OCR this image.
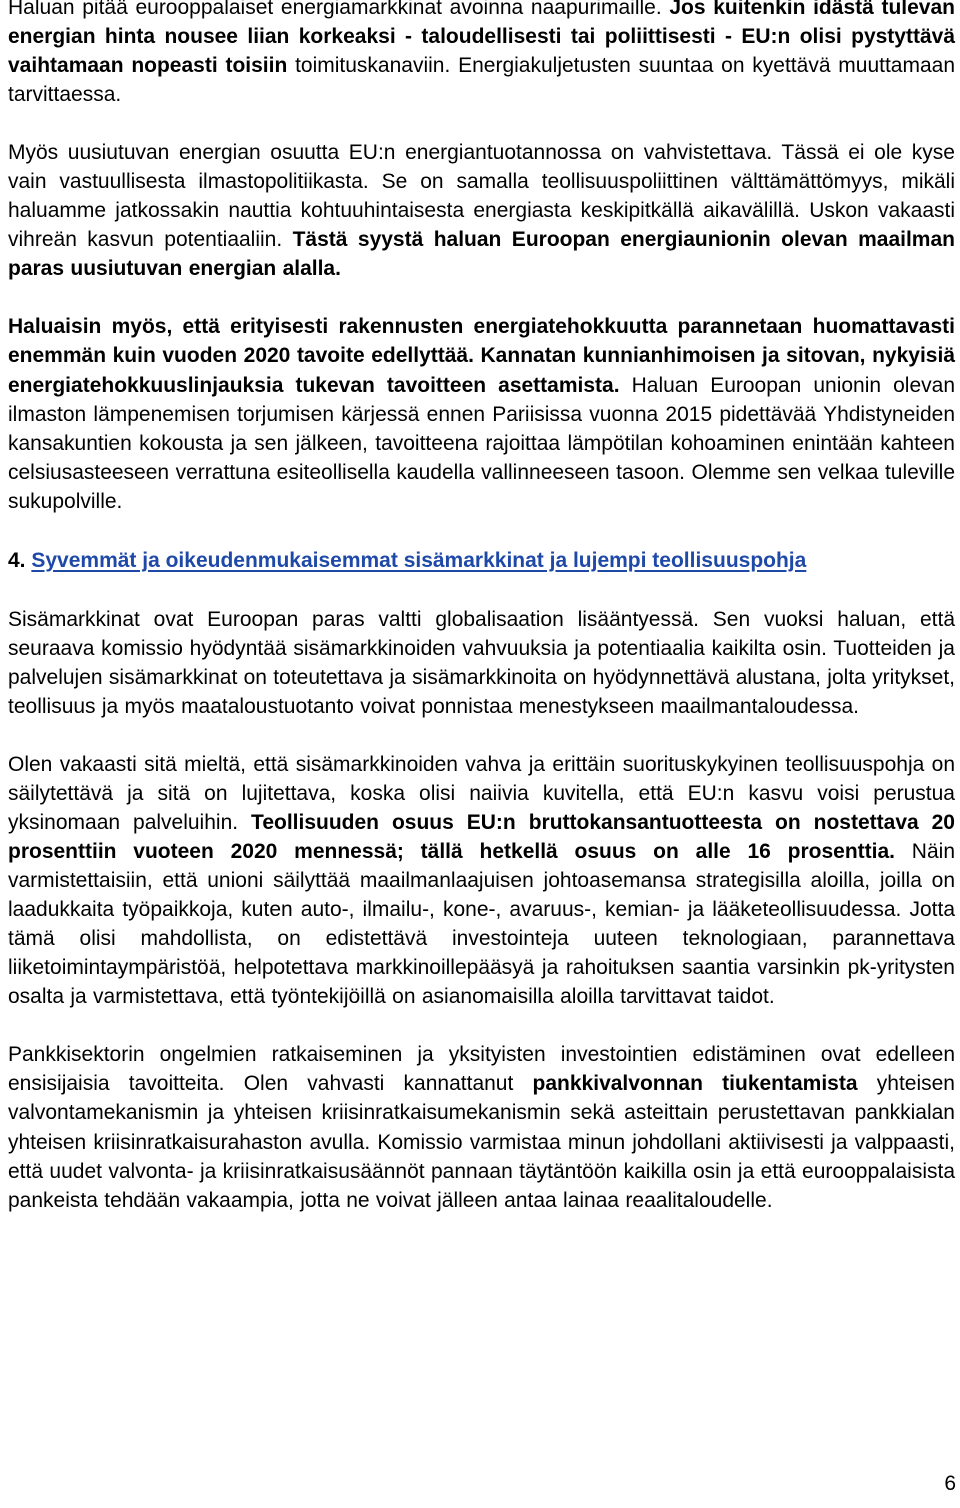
Haluan pitää eurooppalaiset energiamarkkinat avoinna naapurimaille. Jos kuitenkin idästä tulevan energian hinta nousee liian korkeaksi - taloudellisesti tai poliittisesti - EU:n olisi pystyttävä vaihtamaan nopeasti toisiin toimituskanaviin. Energiakuljetusten suuntaa on kyettävä muuttamaan tarvittaessa.

Myös uusiutuvan energian osuutta EU:n energiantuotannossa on vahvistettava. Tässä ei ole kyse vain vastuullisesta ilmastopolitiikasta. Se on samalla teollisuuspoliittinen välttämättömyys, mikäli haluamme jatkossakin nauttia kohtuuhintaisesta energiasta keskipitkällä aikavälillä. Uskon vakaasti vihreän kasvun potentiaaliin. Tästä syystä haluan Euroopan energiaunionin olevan maailman paras uusiutuvan energian alalla.

Haluaisin myös, että erityisesti rakennusten energiatehokkuutta parannetaan huomattavasti enemmän kuin vuoden 2020 tavoite edellyttää. Kannatan kunnianhimoisen ja sitovan, nykyisiä energiatehokkuuslinjauksia tukevan tavoitteen asettamista. Haluan Euroopan unionin olevan ilmaston lämpenemisen torjumisen kärjessä ennen Pariisissa vuonna 2015 pidettävää Yhdistyneiden kansakuntien kokousta ja sen jälkeen, tavoitteena rajoittaa lämpötilan kohoaminen enintään kahteen celsiusasteeseen verrattuna esiteollisella kaudella vallinneeseen tasoon. Olemme sen velkaa tuleville sukupolville.

4. Syvemmät ja oikeudenmukaisemmat sisämarkkinat ja lujempi teollisuuspohja

Sisämarkkinat ovat Euroopan paras valtti globalisaation lisääntyessä. Sen vuoksi haluan, että seuraava komissio hyödyntää sisämarkkinoiden vahvuuksia ja potentiaalia kaikilta osin. Tuotteiden ja palvelujen sisämarkkinat on toteutettava ja sisämarkkinoita on hyödynnettävä alustana, jolta yritykset, teollisuus ja myös maataloustuotanto voivat ponnistaa menestykseen maailmantaloudessa.

Olen vakaasti sitä mieltä, että sisämarkkinoiden vahva ja erittäin suorituskykyinen teollisuuspohja on säilytettävä ja sitä on lujitettava, koska olisi naiivia kuvitella, että EU:n kasvu voisi perustua yksinomaan palveluihin. Teollisuuden osuus EU:n bruttokansantuotteesta on nostettava 20 prosenttiin vuoteen 2020 mennessä; tällä hetkellä osuus on alle 16 prosenttia. Näin varmistettaisiin, että unioni säilyttää maailmanlaajuisen johtoasemansa strategisilla aloilla, joilla on laadukkaita työpaikkoja, kuten auto-, ilmailu-, kone-, avaruus-, kemian- ja lääketeollisuudessa. Jotta tämä olisi mahdollista, on edistettävä investointeja uuteen teknologiaan, parannettava liiketoimintaympäristöä, helpotettava markkinoillepääsyä ja rahoituksen saantia varsinkin pk-yritysten osalta ja varmistettava, että työntekijöillä on asianomaisilla aloilla tarvittavat taidot.

Pankkisektorin ongelmien ratkaiseminen ja yksityisten investointien edistäminen ovat edelleen ensisijaisia tavoitteita. Olen vahvasti kannattanut pankkivalvonnan tiukentamista yhteisen valvontamekanismin ja yhteisen kriisinratkaisumekanismin sekä asteittain perustettavan pankkialan yhteisen kriisinratkaisurahaston avulla. Komissio varmistaa minun johdollani aktiivisesti ja valppaasti, että uudet valvonta- ja kriisinratkaisusäännöt pannaan täytäntöön kaikilla osin ja että eurooppalaisista pankeista tehdään vakaampia, jotta ne voivat jälleen antaa lainaa reaalitaloudelle.

6
